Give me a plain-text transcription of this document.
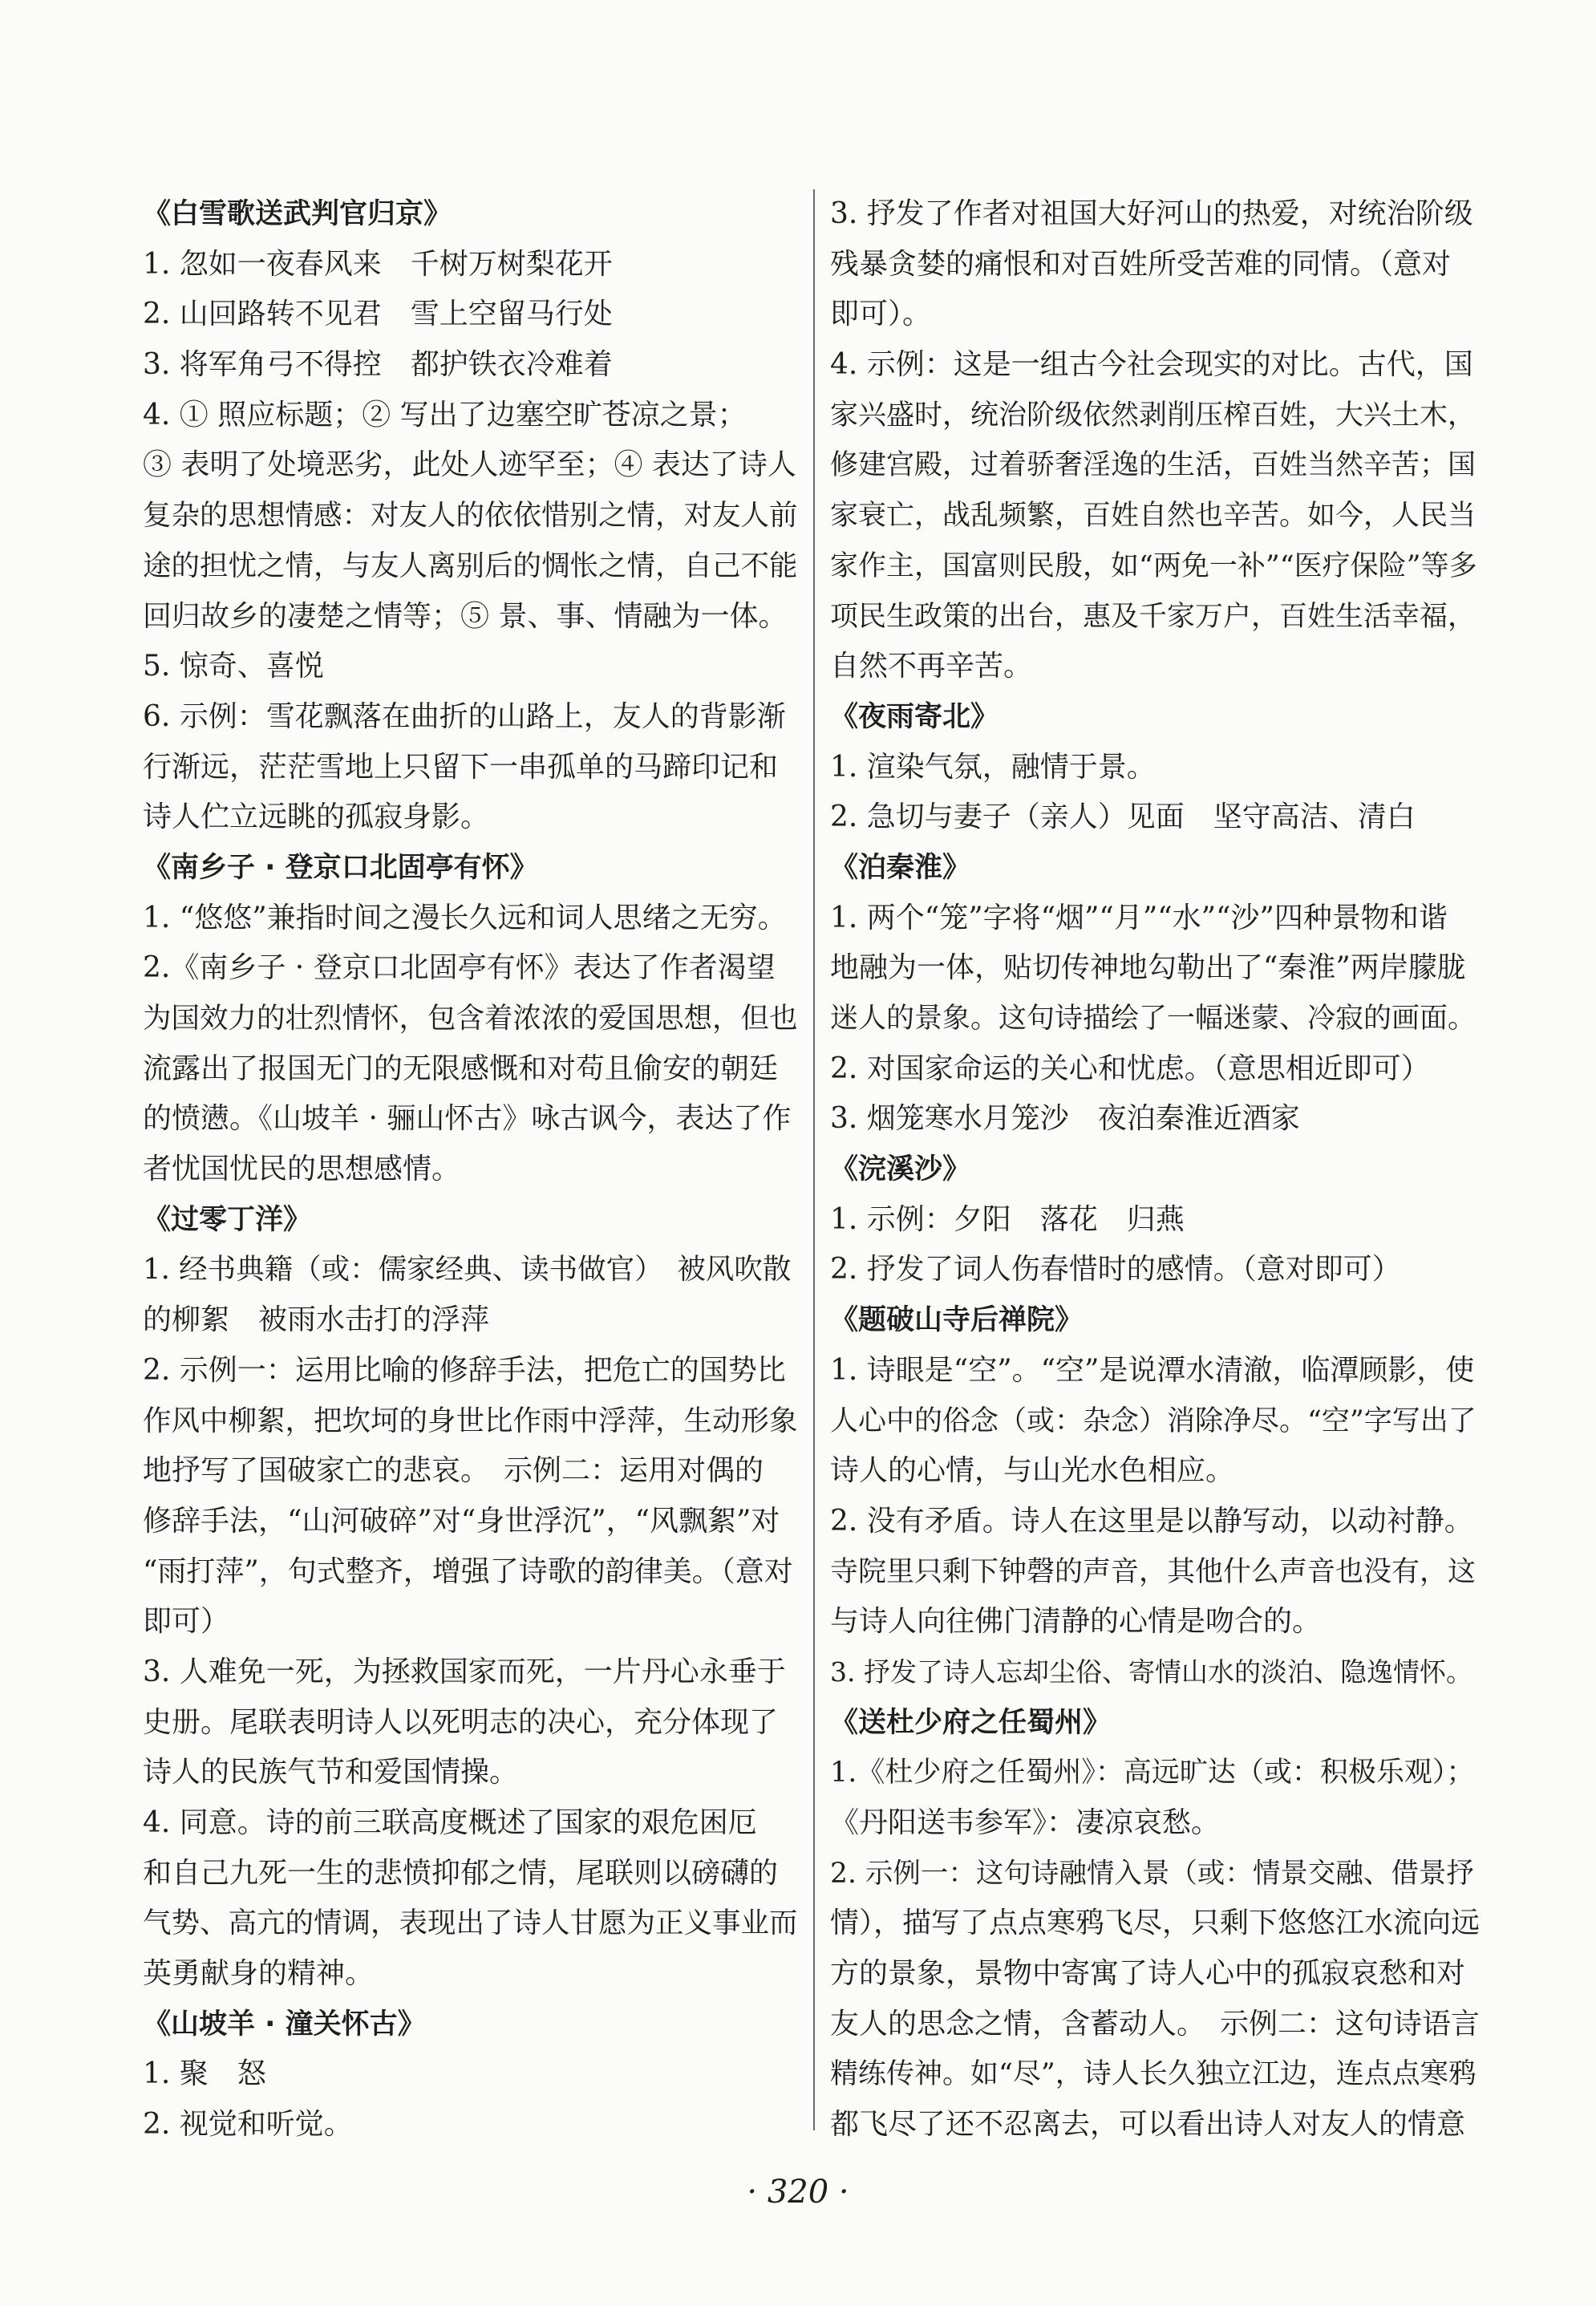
《白雪歌送武判官归京》
1. 忽如一夜春风来　千树万树梨花开
2. 山回路转不见君　雪上空留马行处
3. 将军角弓不得控　都护铁衣冷难着
4. ① 照应标题；② 写出了边塞空旷苍凉之景；
③ 表明了处境恶劣，此处人迹罕至；④ 表达了诗人
复杂的思想情感：对友人的依依惜别之情，对友人前
途的担忧之情，与友人离别后的惆怅之情，自己不能
回归故乡的凄楚之情等；⑤ 景、事、情融为一体。
5. 惊奇、喜悦
6. 示例：雪花飘落在曲折的山路上，友人的背影渐
行渐远，茫茫雪地上只留下一串孤单的马蹄印记和
诗人伫立远眺的孤寂身影。
《南乡子 · 登京口北固亭有怀》
1. “悠悠”兼指时间之漫长久远和词人思绪之无穷。
2.《南乡子 · 登京口北固亭有怀》表达了作者渴望
为国效力的壮烈情怀，包含着浓浓的爱国思想，但也
流露出了报国无门的无限感慨和对苟且偷安的朝廷
的愤懑。《山坡羊 · 骊山怀古》咏古讽今，表达了作
者忧国忧民的思想感情。
《过零丁洋》
1. 经书典籍（或：儒家经典、读书做官）　被风吹散
的柳絮　被雨水击打的浮萍
2. 示例一：运用比喻的修辞手法，把危亡的国势比
作风中柳絮，把坎坷的身世比作雨中浮萍，生动形象
地抒写了国破家亡的悲哀。　示例二：运用对偶的
修辞手法，“山河破碎”对“身世浮沉”，“风飘絮”对
“雨打萍”，句式整齐，增强了诗歌的韵律美。（意对
即可）
3. 人难免一死，为拯救国家而死，一片丹心永垂于
史册。尾联表明诗人以死明志的决心，充分体现了
诗人的民族气节和爱国情操。
4. 同意。诗的前三联高度概述了国家的艰危困厄
和自己九死一生的悲愤抑郁之情，尾联则以磅礴的
气势、高亢的情调，表现出了诗人甘愿为正义事业而
英勇献身的精神。
《山坡羊 · 潼关怀古》
1. 聚　怒
2. 视觉和听觉。
3. 抒发了作者对祖国大好河山的热爱，对统治阶级
残暴贪婪的痛恨和对百姓所受苦难的同情。（意对
即可）。
4. 示例：这是一组古今社会现实的对比。古代，国
家兴盛时，统治阶级依然剥削压榨百姓，大兴土木，
修建宫殿，过着骄奢淫逸的生活，百姓当然辛苦；国
家衰亡，战乱频繁，百姓自然也辛苦。如今，人民当
家作主，国富则民殷，如“两免一补”“医疗保险”等多
项民生政策的出台，惠及千家万户，百姓生活幸福，
自然不再辛苦。
《夜雨寄北》
1. 渲染气氛，融情于景。
2. 急切与妻子（亲人）见面　坚守高洁、清白
《泊秦淮》
1. 两个“笼”字将“烟”“月”“水”“沙”四种景物和谐
地融为一体，贴切传神地勾勒出了“秦淮”两岸朦胧
迷人的景象。这句诗描绘了一幅迷蒙、冷寂的画面。
2. 对国家命运的关心和忧虑。（意思相近即可）
3. 烟笼寒水月笼沙　夜泊秦淮近酒家
《浣溪沙》
1. 示例：夕阳　落花　归燕
2. 抒发了词人伤春惜时的感情。（意对即可）
《题破山寺后禅院》
1. 诗眼是“空”。“空”是说潭水清澈，临潭顾影，使
人心中的俗念（或：杂念）消除净尽。“空”字写出了
诗人的心情，与山光水色相应。
2. 没有矛盾。诗人在这里是以静写动，以动衬静。
寺院里只剩下钟磬的声音，其他什么声音也没有，这
与诗人向往佛门清静的心情是吻合的。
3. 抒发了诗人忘却尘俗、寄情山水的淡泊、隐逸情怀。
《送杜少府之任蜀州》
1.《杜少府之任蜀州》：高远旷达（或：积极乐观）；
《丹阳送韦参军》：凄凉哀愁。
2. 示例一：这句诗融情入景（或：情景交融、借景抒
情），描写了点点寒鸦飞尽，只剩下悠悠江水流向远
方的景象，景物中寄寓了诗人心中的孤寂哀愁和对
友人的思念之情，含蓄动人。　示例二：这句诗语言
精练传神。如“尽”，诗人长久独立江边，连点点寒鸦
都飞尽了还不忍离去，可以看出诗人对友人的情意
· 320 ·
